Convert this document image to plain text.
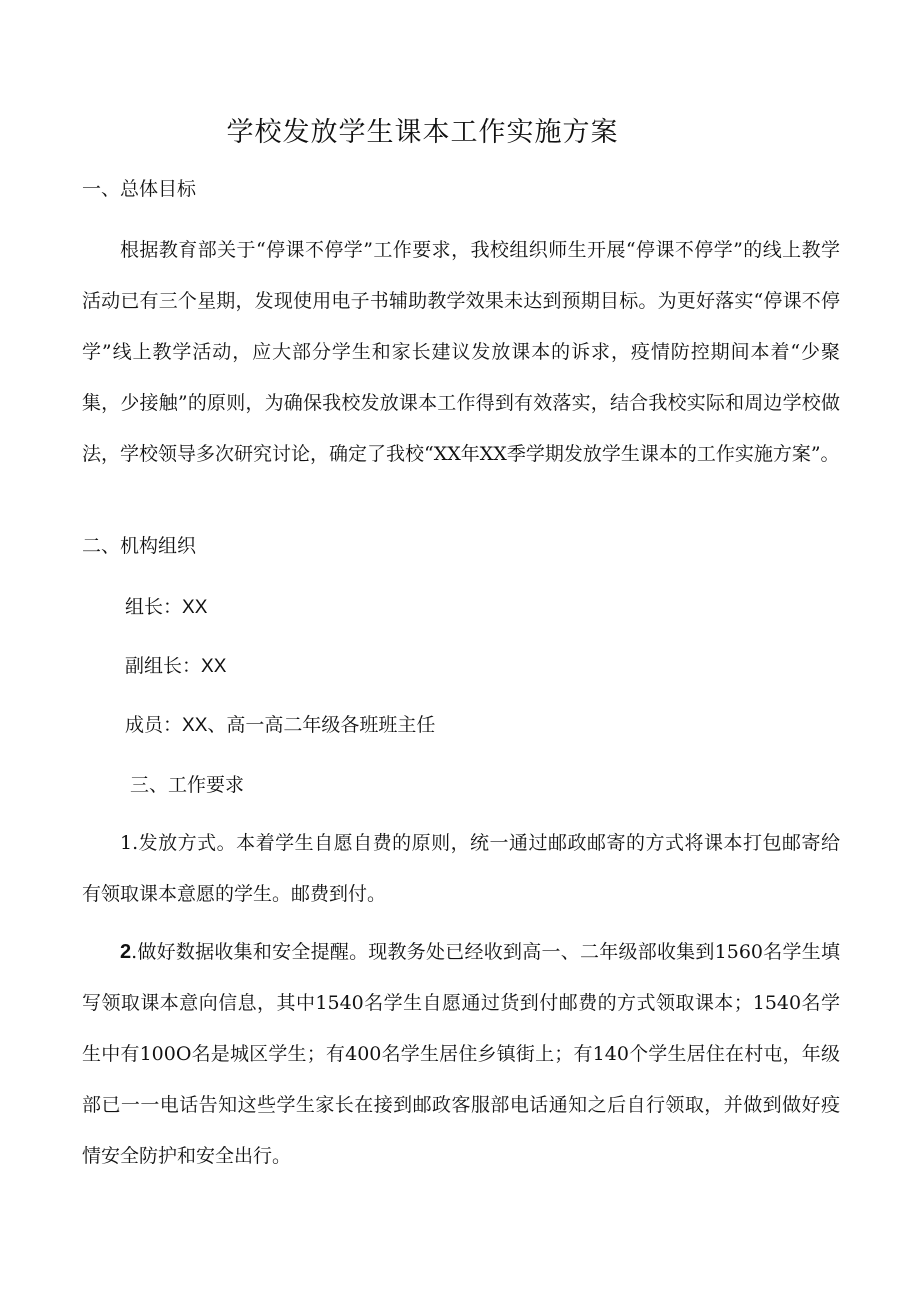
学校发放学生课本工作实施方案
一、总体目标

根据教育部关于“停课不停学”工作要求，我校组织师生开展“停课不停学”的线上教学活动已有三个星期，发现使用电子书辅助教学效果未达到预期目标。为更好落实“停课不停学”线上教学活动，应大部分学生和家长建议发放课本的诉求，疫情防控期间本着“少聚集，少接触”的原则，为确保我校发放课本工作得到有效落实，结合我校实际和周边学校做法，学校领导多次研究讨论，确定了我校“XX年XX季学期发放学生课本的工作实施方案”。

二、机构组织
组长：XX
副组长：XX
成员：XX、高一高二年级各班班主任
三、工作要求

1.发放方式。本着学生自愿自费的原则，统一通过邮政邮寄的方式将课本打包邮寄给有领取课本意愿的学生。邮费到付。

2.做好数据收集和安全提醒。现教务处已经收到高一、二年级部收集到1560名学生填写领取课本意向信息，其中1540名学生自愿通过货到付邮费的方式领取课本；1540名学生中有100O名是城区学生；有400名学生居住乡镇街上；有140个学生居住在村屯，年级部已一一电话告知这些学生家长在接到邮政客服部电话通知之后自行领取，并做到做好疫情安全防护和安全出行。
